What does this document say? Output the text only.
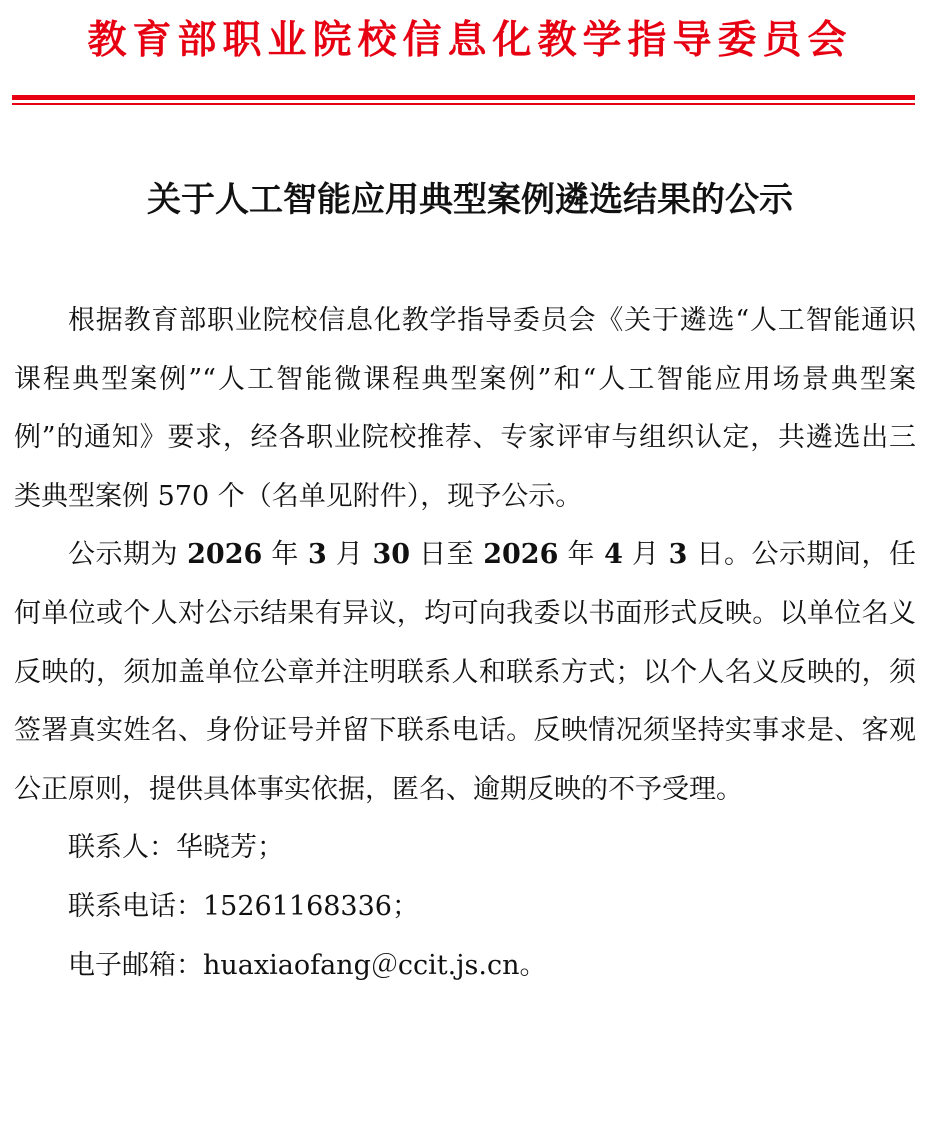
教育部职业院校信息化教学指导委员会
关于人工智能应用典型案例遴选结果的公示

根据教育部职业院校信息化教学指导委员会《关于遴选“人工智能通识课程典型案例”“人工智能微课程典型案例”和“人工智能应用场景典型案例”的通知》要求，经各职业院校推荐、专家评审与组织认定，共遴选出三类典型案例 570 个（名单见附件），现予公示。

公示期为 2026 年 3 月 30 日至 2026 年 4 月 3 日。公示期间，任何单位或个人对公示结果有异议，均可向我委以书面形式反映。以单位名义反映的，须加盖单位公章并注明联系人和联系方式；以个人名义反映的，须签署真实姓名、身份证号并留下联系电话。反映情况须坚持实事求是、客观公正原则，提供具体事实依据，匿名、逾期反映的不予受理。

联系人：华晓芳；

联系电话：15261168336；

电子邮箱：huaxiaofang＠ccit.js.cn。
